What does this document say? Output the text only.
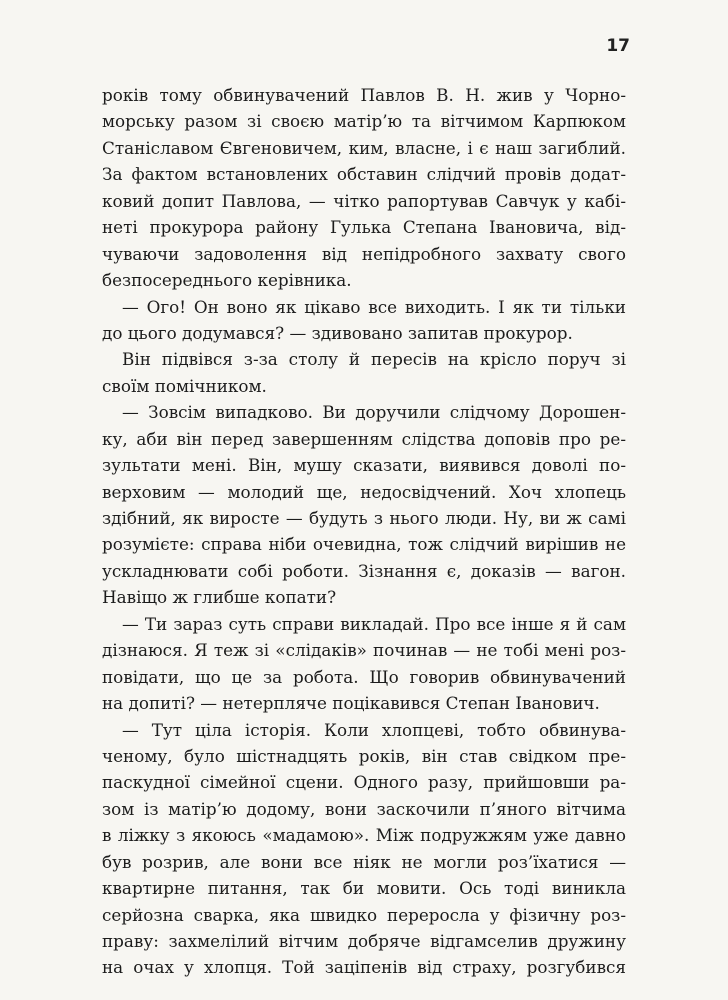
17
років тому обвинувачений Павлов В. Н. жив у Чорно-
морську разом зі своєю матір’ю та вітчимом Карпюком
Станіславом Євгеновичем, ким, власне, і є наш загиблий.
За фактом встановлених обставин слідчий провів додат-
ковий допит Павлова, — чітко рапортував Савчук у кабі-
неті прокурора району Гулька Степана Івановича, від-
чуваючи задоволення від непідробного захвату свого
безпосереднього керівника.
— Ого! Он воно як цікаво все виходить. І як ти тільки
до цього додумався? — здивовано запитав прокурор.
Він підвівся з-за столу й пересів на крісло поруч зі
своїм помічником.
— Зовсім випадково. Ви доручили слідчому Дорошен-
ку, аби він перед завершенням слідства доповів про ре-
зультати мені. Він, мушу сказати, виявився доволі по-
верховим — молодий ще, недосвідчений. Хоч хлопець
здібний, як виросте — будуть з нього люди. Ну, ви ж самі
розумієте: справа ніби очевидна, тож слідчий вирішив не
ускладнювати собі роботи. Зізнання є, доказів — вагон.
Навіщо ж глибше копати?
— Ти зараз суть справи викладай. Про все інше я й сам
дізнаюся. Я теж зі «слідаків» починав — не тобі мені роз-
повідати, що це за робота. Що говорив обвинувачений
на допиті? — нетерпляче поцікавився Степан Іванович.
— Тут ціла історія. Коли хлопцеві, тобто обвинува-
ченому, було шістнадцять років, він став свідком пре-
паскудної сімейної сцени. Одного разу, прийшовши ра-
зом із матір’ю додому, вони заскочили п’яного вітчима
в ліжку з якоюсь «мадамою». Між подружжям уже давно
був розрив, але вони все ніяк не могли роз’їхатися —
квартирне питання, так би мовити. Ось тоді виникла
серйозна сварка, яка швидко переросла у фізичну роз-
праву: захмелілий вітчим добряче відгамселив дружину
на очах у хлопця. Той заціпенів від страху, розгубився
